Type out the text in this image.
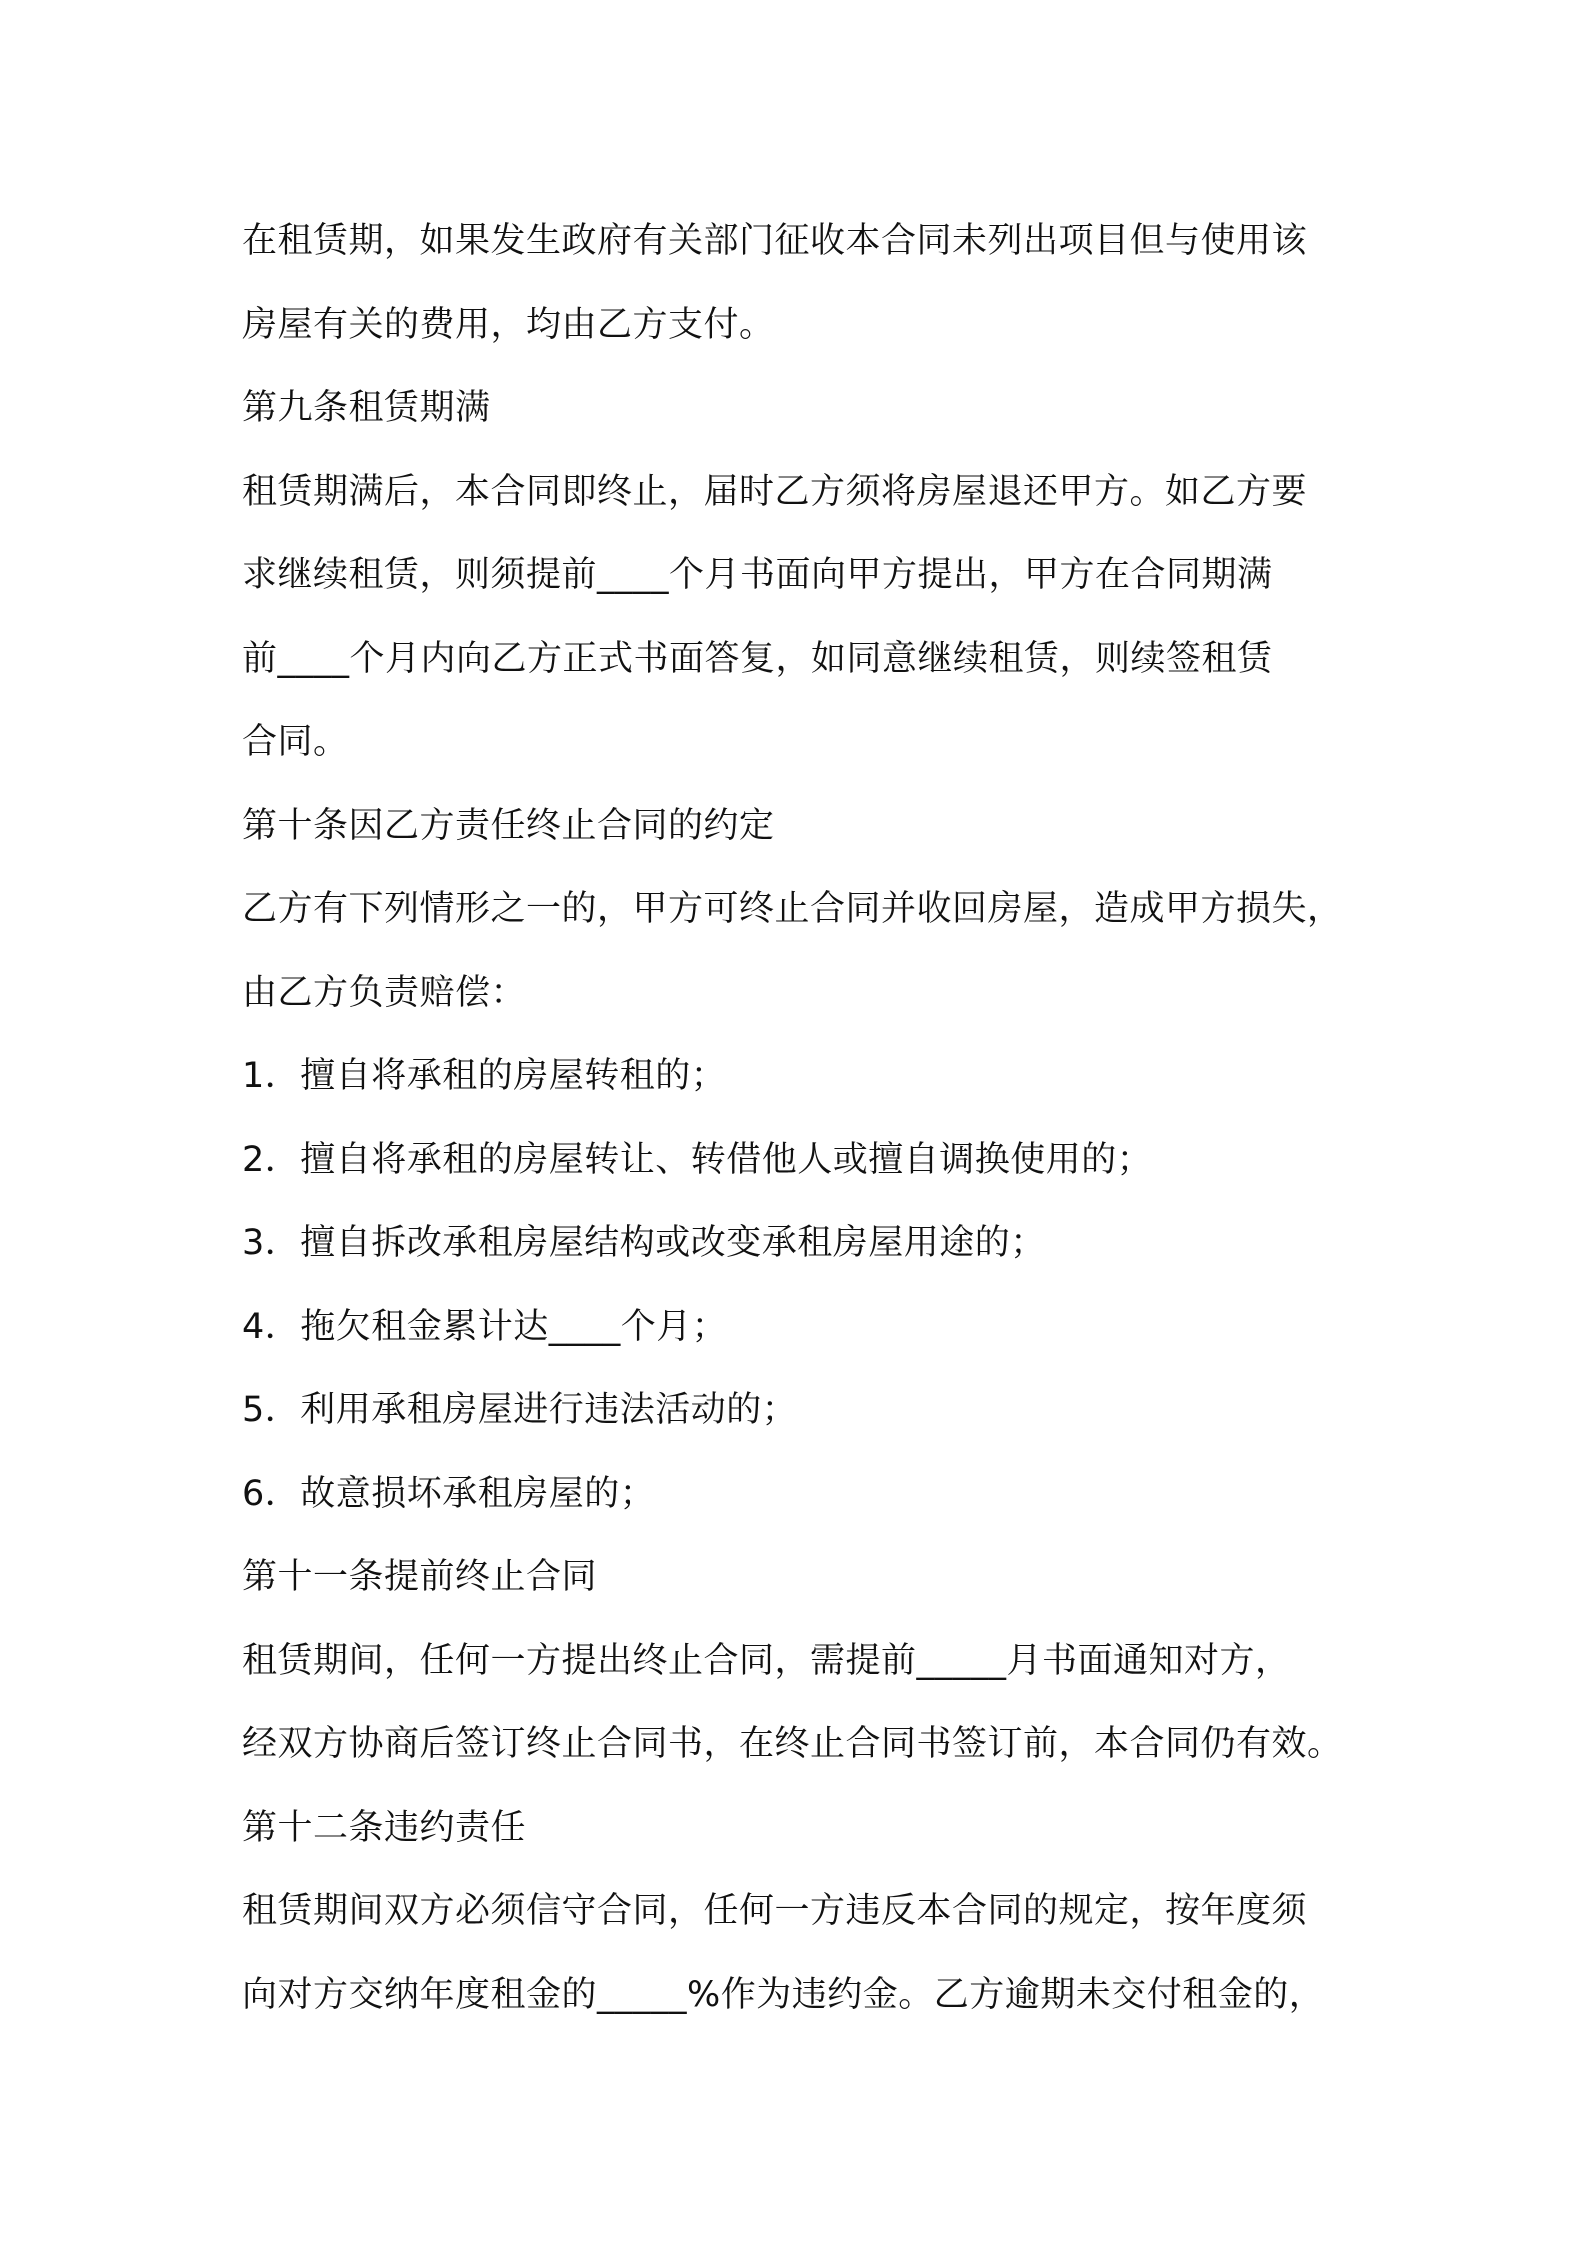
在租赁期，如果发生政府有关部门征收本合同未列出项目但与使用该
房屋有关的费用，均由乙方支付。
第九条租赁期满
租赁期满后，本合同即终止，届时乙方须将房屋退还甲方。如乙方要
求继续租赁，则须提前____个月书面向甲方提出，甲方在合同期满
前____个月内向乙方正式书面答复，如同意继续租赁，则续签租赁
合同。
第十条因乙方责任终止合同的约定
乙方有下列情形之一的，甲方可终止合同并收回房屋，造成甲方损失，
由乙方负责赔偿：
1．擅自将承租的房屋转租的；
2．擅自将承租的房屋转让、转借他人或擅自调换使用的；
3．擅自拆改承租房屋结构或改变承租房屋用途的；
4．拖欠租金累计达____个月；
5．利用承租房屋进行违法活动的；
6．故意损坏承租房屋的；
第十一条提前终止合同
租赁期间，任何一方提出终止合同，需提前_____月书面通知对方，
经双方协商后签订终止合同书，在终止合同书签订前，本合同仍有效。
第十二条违约责任
租赁期间双方必须信守合同，任何一方违反本合同的规定，按年度须
向对方交纳年度租金的_____%作为违约金。乙方逾期未交付租金的，
